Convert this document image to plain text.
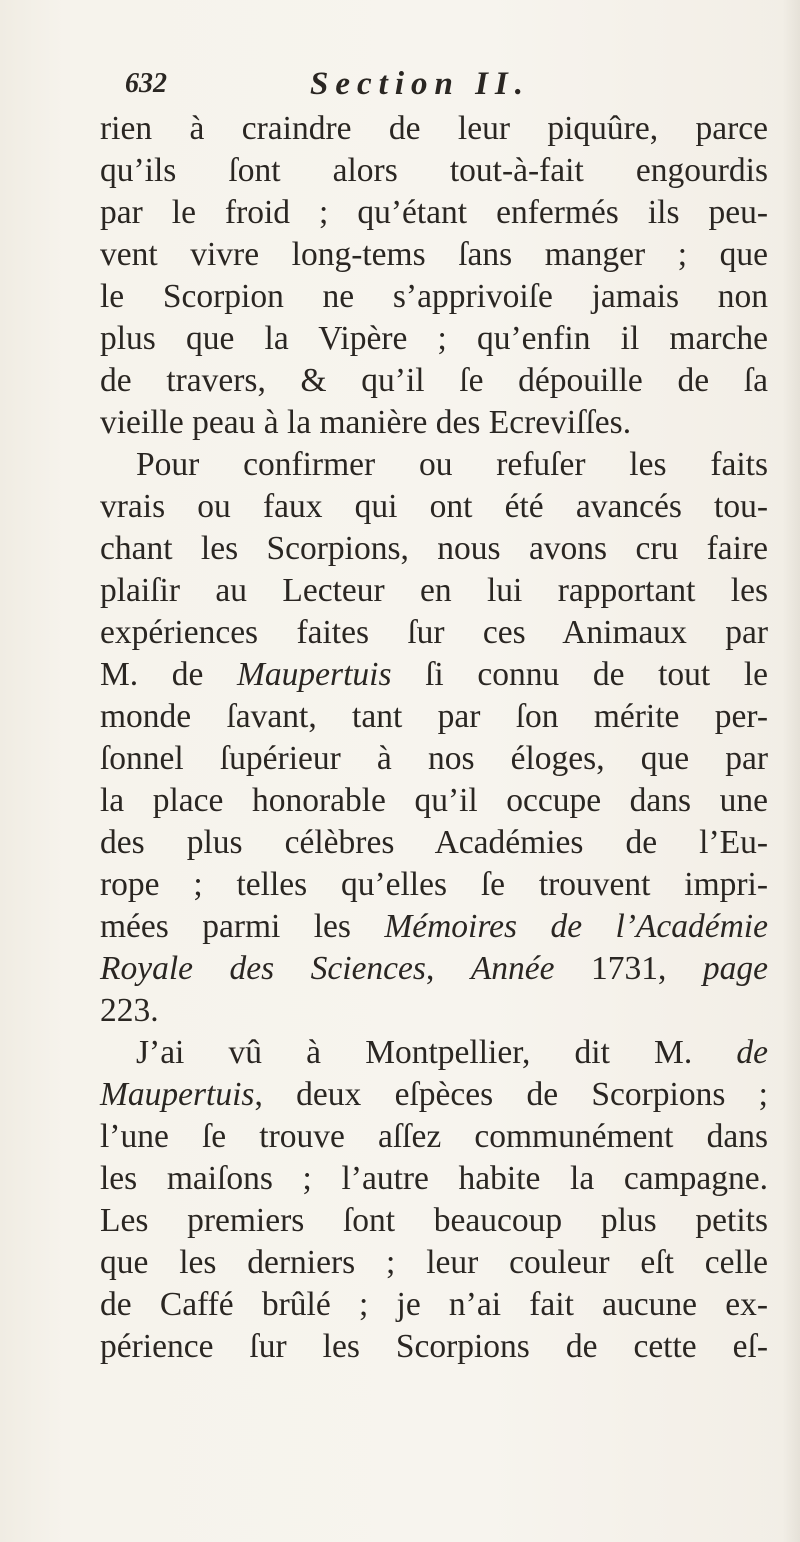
632	Section II.
rien à craindre de leur piquûre, parce
qu’ils ſont alors tout-à-fait engourdis
par le froid ; qu’étant enfermés ils peu-
vent vivre long-tems ſans manger ; que
le Scorpion ne s’apprivoiſe jamais non
plus que la Vipère ; qu’enfin il marche
de travers, & qu’il ſe dépouille de ſa
vieille peau à la manière des Ecreviſſes.
Pour confirmer ou refuſer les faits
vrais ou faux qui ont été avancés tou-
chant les Scorpions, nous avons cru faire
plaiſir au Lecteur en lui rapportant les
expériences faites ſur ces Animaux par
M. de Maupertuis ſi connu de tout le
monde ſavant, tant par ſon mérite per-
ſonnel ſupérieur à nos éloges, que par
la place honorable qu’il occupe dans une
des plus célèbres Académies de l’Eu-
rope ; telles qu’elles ſe trouvent impri-
mées parmi les Mémoires de l’Académie
Royale des Sciences, Année 1731, page
223.
J’ai vû à Montpellier, dit M. de
Maupertuis, deux eſpèces de Scorpions ;
l’une ſe trouve aſſez communément dans
les maiſons ; l’autre habite la campagne.
Les premiers ſont beaucoup plus petits
que les derniers ; leur couleur eſt celle
de Caffé brûlé ; je n’ai fait aucune ex-
périence ſur les Scorpions de cette eſ-
